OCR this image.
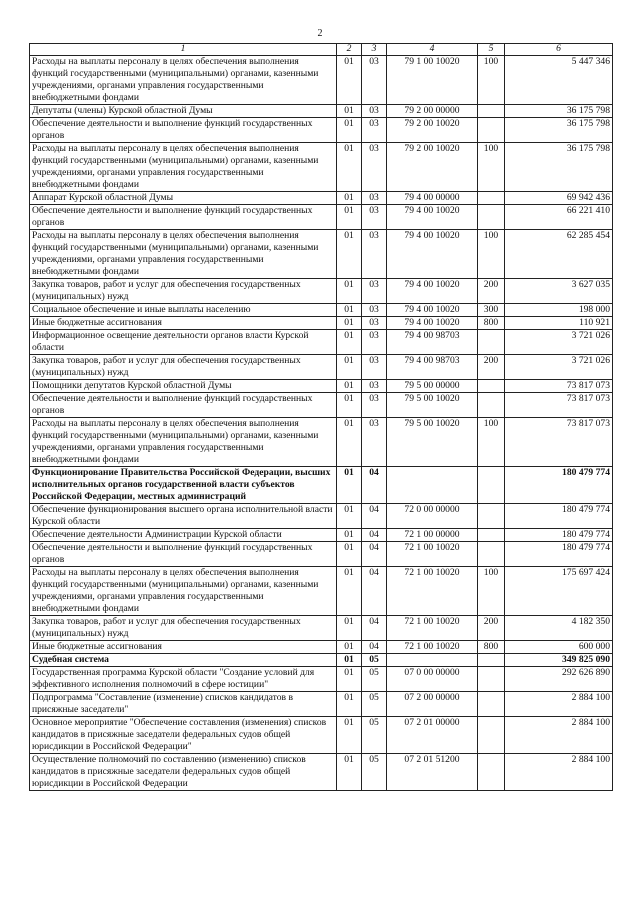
2
1	2	3	4	5	6
Расходы на выплаты персоналу в целях обеспечения выполнения функций государственными (муниципальными) органами, казенными учреждениями, органами управления государственными внебюджетными фондами	01	03	79 1 00 10020	100	5 447 346
Депутаты (члены) Курской областной Думы	01	03	79 2 00 00000		36 175 798
Обеспечение деятельности и выполнение функций государственных органов	01	03	79 2 00 10020		36 175 798
Расходы на выплаты персоналу в целях обеспечения выполнения функций государственными (муниципальными) органами, казенными учреждениями, органами управления государственными внебюджетными фондами	01	03	79 2 00 10020	100	36 175 798
Аппарат Курской областной Думы	01	03	79 4 00 00000		69 942 436
Обеспечение деятельности и выполнение функций государственных органов	01	03	79 4 00 10020		66 221 410
Расходы на выплаты персоналу в целях обеспечения выполнения функций государственными (муниципальными) органами, казенными учреждениями, органами управления государственными внебюджетными фондами	01	03	79 4 00 10020	100	62 285 454
Закупка товаров, работ и услуг для обеспечения государственных (муниципальных) нужд	01	03	79 4 00 10020	200	3 627 035
Социальное обеспечение и иные выплаты населению	01	03	79 4 00 10020	300	198 000
Иные бюджетные ассигнования	01	03	79 4 00 10020	800	110 921
Информационное освещение деятельности органов власти Курской области	01	03	79 4 00 98703		3 721 026
Закупка товаров, работ и услуг для обеспечения государственных (муниципальных) нужд	01	03	79 4 00 98703	200	3 721 026
Помощники депутатов Курской областной Думы	01	03	79 5 00 00000		73 817 073
Обеспечение деятельности и выполнение функций государственных органов	01	03	79 5 00 10020		73 817 073
Расходы на выплаты персоналу в целях обеспечения выполнения функций государственными (муниципальными) органами, казенными учреждениями, органами управления государственными внебюджетными фондами	01	03	79 5 00 10020	100	73 817 073
Функционирование Правительства Российской Федерации, высших исполнительных органов государственной власти субъектов Российской Федерации, местных администраций	01	04			180 479 774
Обеспечение функционирования высшего органа исполнительной власти Курской области	01	04	72 0 00 00000		180 479 774
Обеспечение деятельности Администрации Курской области	01	04	72 1 00 00000		180 479 774
Обеспечение деятельности и выполнение функций государственных органов	01	04	72 1 00 10020		180 479 774
Расходы на выплаты персоналу в целях обеспечения выполнения функций государственными (муниципальными) органами, казенными учреждениями, органами управления государственными внебюджетными фондами	01	04	72 1 00 10020	100	175 697 424
Закупка товаров, работ и услуг для обеспечения государственных (муниципальных) нужд	01	04	72 1 00 10020	200	4 182 350
Иные бюджетные ассигнования	01	04	72 1 00 10020	800	600 000
Судебная система	01	05			349 825 090
Государственная программа Курской области "Создание условий для эффективного исполнения полномочий в сфере юстиции"	01	05	07 0 00 00000		292 626 890
Подпрограмма "Составление (изменение) списков кандидатов в присяжные заседатели"	01	05	07 2 00 00000		2 884 100
Основное мероприятие "Обеспечение составления (изменения) списков кандидатов в присяжные заседатели федеральных судов общей юрисдикции в Российской Федерации"	01	05	07 2 01 00000		2 884 100
Осуществление полномочий по составлению (изменению) списков кандидатов в присяжные заседатели федеральных судов общей юрисдикции в Российской Федерации	01	05	07 2 01 51200		2 884 100
